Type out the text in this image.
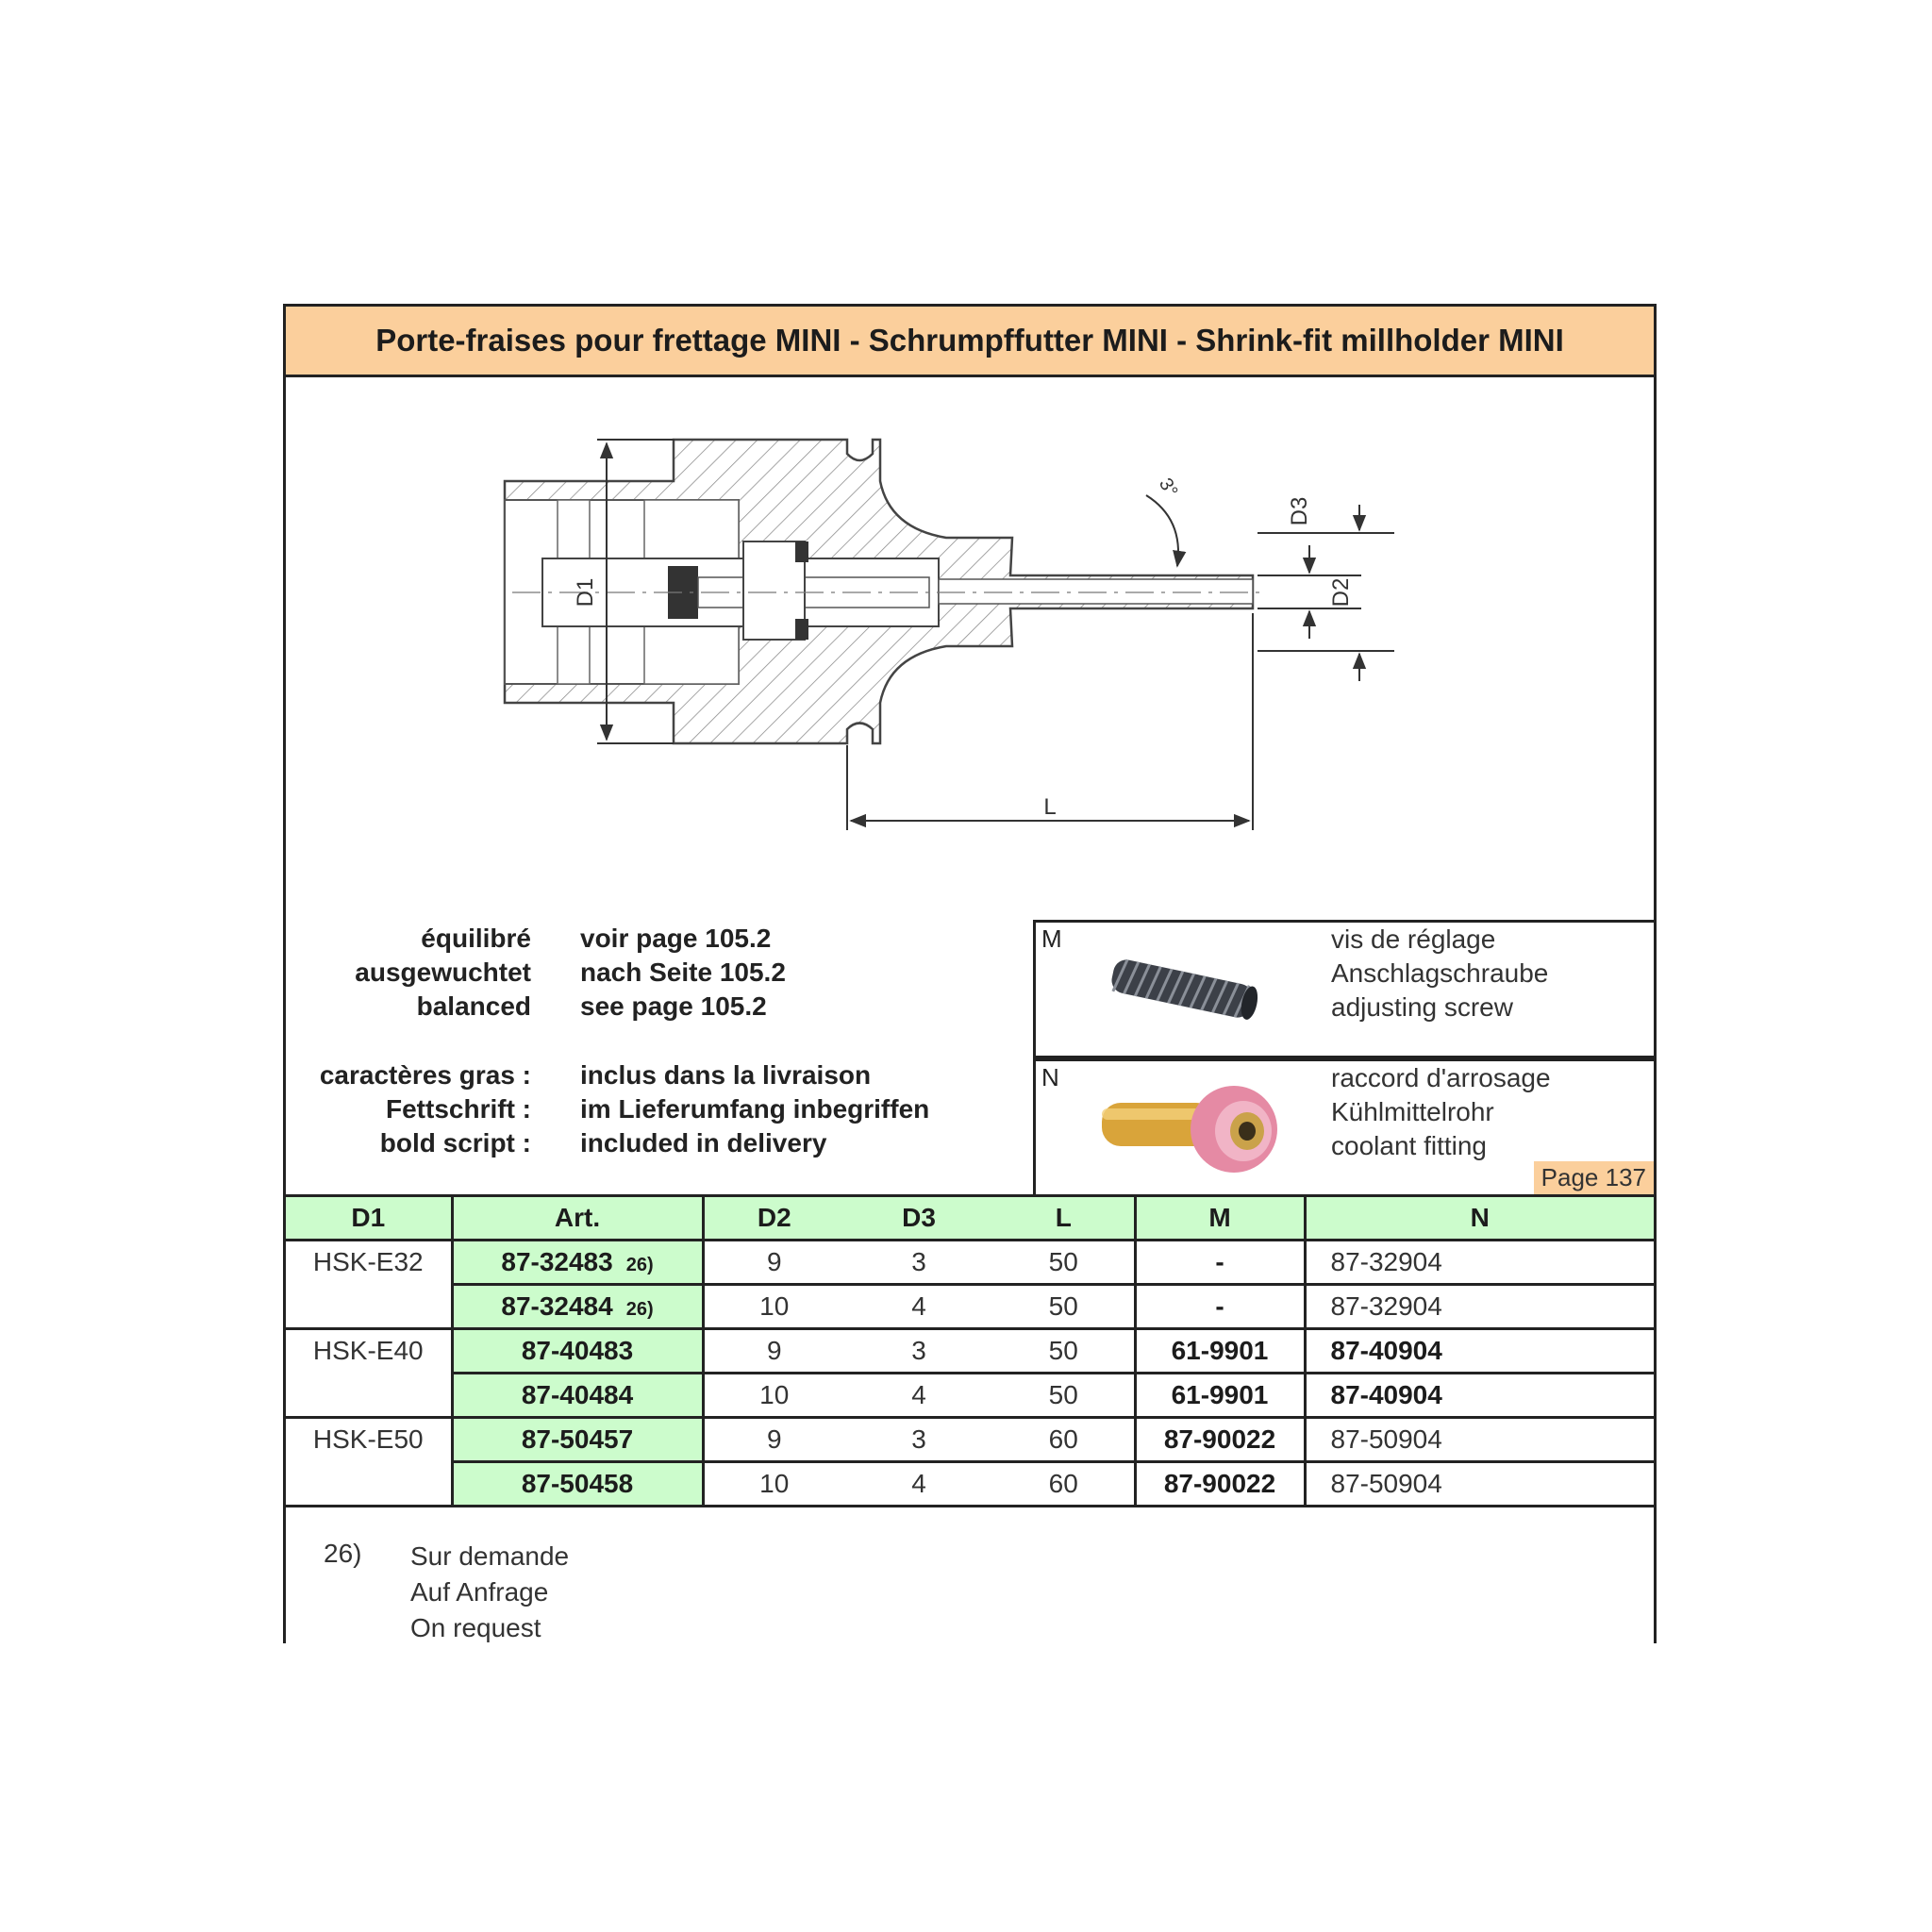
Porte-fraises pour frettage MINI - Schrumpffutter MINI - Shrink-fit millholder MINI
D1
L
D3
D2
3°
équilibré
ausgewuchtet
balanced
voir page 105.2
nach Seite 105.2
see page 105.2
caractères gras :
Fettschrift :
bold script :
inclus dans la livraison
im Lieferumfang inbegriffen
included in delivery
M	vis de réglage
Anschlagschraube
adjusting screw
N	raccord d'arrosage
Kühlmittelrohr
coolant fitting
Page 137
D1	Art.	D2	D3	L	M	N
HSK-E32	87-32483 26)	9	3	50	-	87-32904
	87-32484 26)	10	4	50	-	87-32904
HSK-E40	87-40483	9	3	50	61-9901	87-40904
	87-40484	10	4	50	61-9901	87-40904
HSK-E50	87-50457	9	3	60	87-90022	87-50904
	87-50458	10	4	60	87-90022	87-50904
26) Sur demande
Auf Anfrage
On request
